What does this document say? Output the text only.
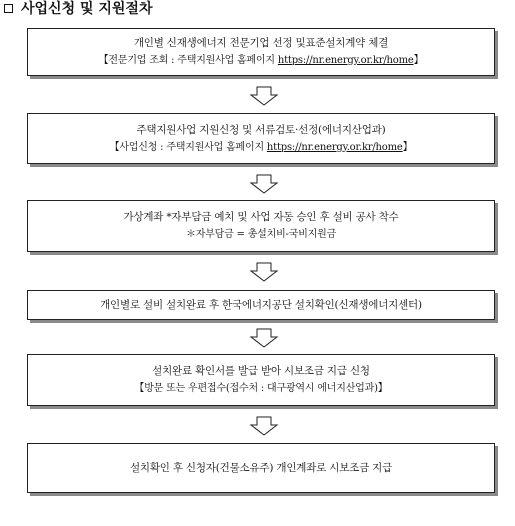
사업신청 및 지원절차
개인별 신재생에너지 전문기업 선정 및표준설치계약 체결
【전문기업 조회 : 주택지원사업 홈페이지 https://nr.energy.or.kr/home】
주택지원사업 지원신청 및 서류검토·선정(에너지산업과)
【사업신청 : 주택지원사업 홈페이지 https://nr.energy.or.kr/home】
가상계좌 *자부담금 예치 및 사업 자동 승인 후 설비 공사 착수
＊자부담금 = 총설치비-국비지원금
개인별로 설비 설치완료 후 한국에너지공단 설치확인(신재생에너지센터)
설치완료 확인서를 발급 받아 시보조금 지급 신청
【방문 또는 우편접수(접수처 : 대구광역시 에너지산업과)】
설치확인 후 신청자(건물소유주) 개인계좌로 시보조금 지급
